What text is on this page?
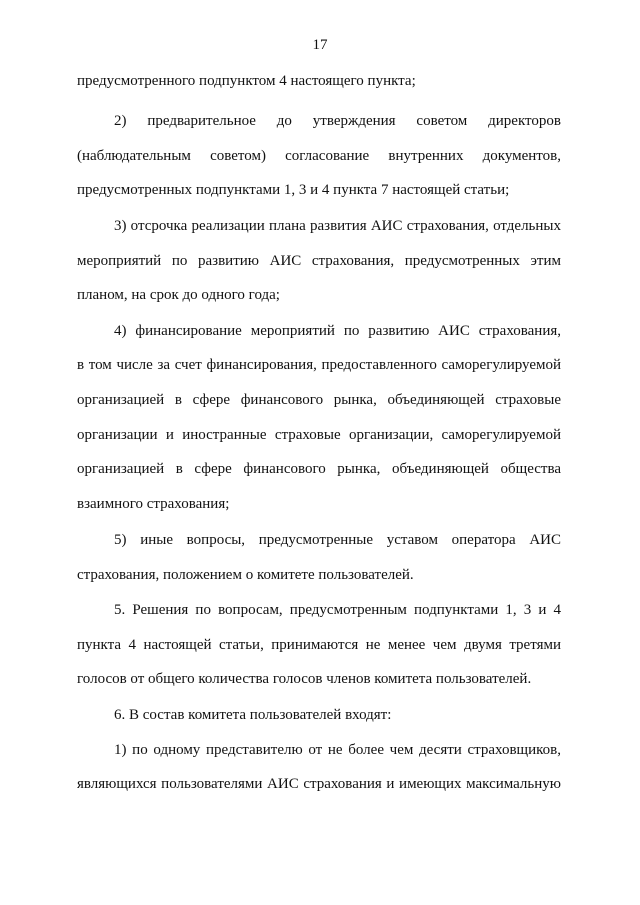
17
предусмотренного подпунктом 4 настоящего пункта;
2) предварительное до утверждения советом директоров
(наблюдательным советом) согласование внутренних документов,
предусмотренных подпунктами 1, 3 и 4 пункта 7 настоящей статьи;
3) отсрочка реализации плана развития АИС страхования, отдельных
мероприятий по развитию АИС страхования, предусмотренных этим
планом, на срок до одного года;
4) финансирование мероприятий по развитию АИС страхования,
в том числе за счет финансирования, предоставленного саморегулируемой
организацией в сфере финансового рынка, объединяющей страховые
организации и иностранные страховые организации, саморегулируемой
организацией в сфере финансового рынка, объединяющей общества
взаимного страхования;
5) иные вопросы, предусмотренные уставом оператора АИС
страхования, положением о комитете пользователей.
5. Решения по вопросам, предусмотренным подпунктами 1, 3 и 4
пункта 4 настоящей статьи, принимаются не менее чем двумя третями
голосов от общего количества голосов членов комитета пользователей.
6. В состав комитета пользователей входят:
1) по одному представителю от не более чем десяти страховщиков,
являющихся пользователями АИС страхования и имеющих максимальную
